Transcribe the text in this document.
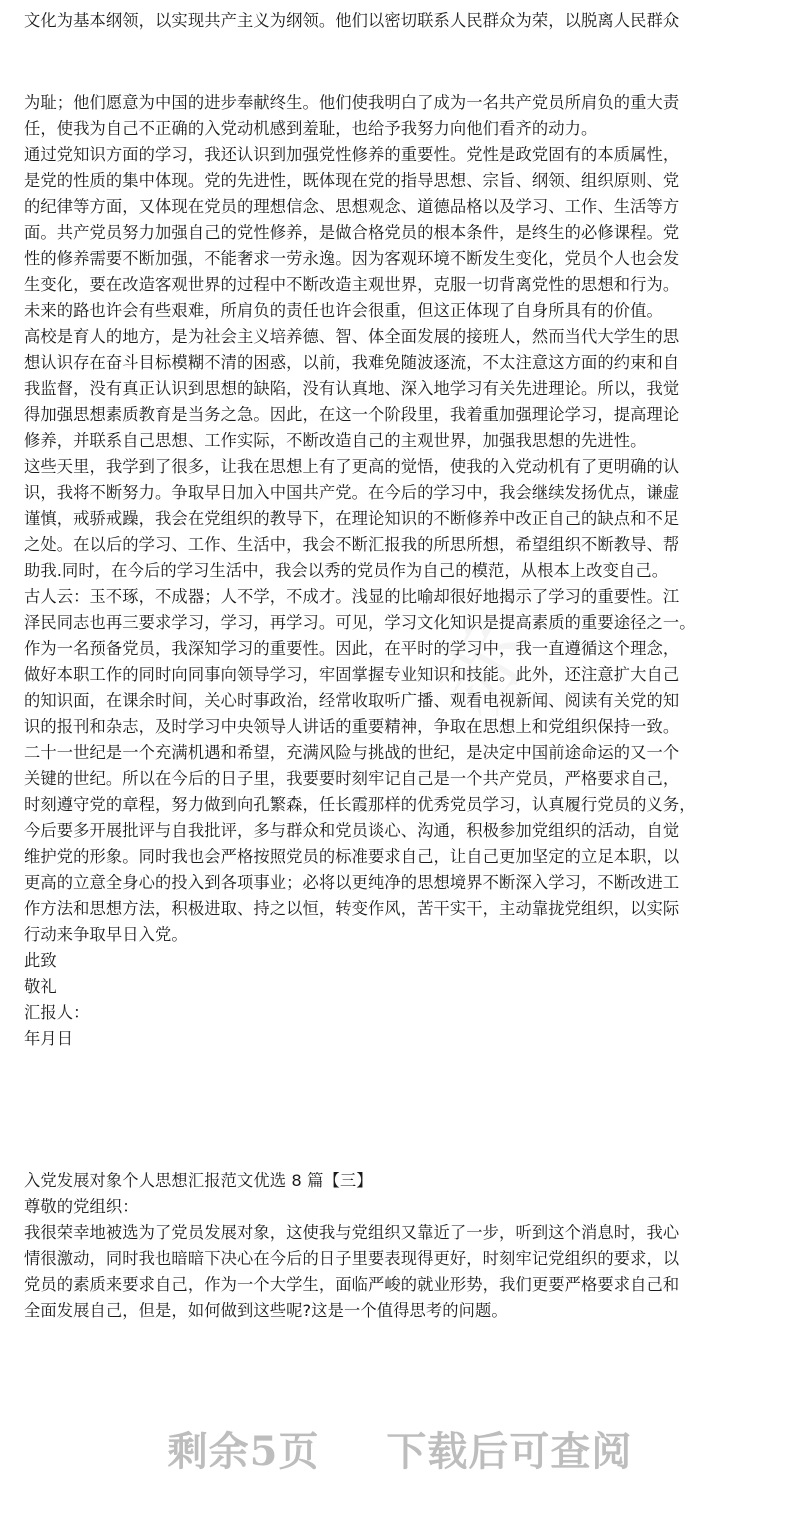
文化为基本纲领，以实现共产主义为纲领。他们以密切联系人民群众为荣，以脱离人民群众
为耻；他们愿意为中国的进步奉献终生。他们使我明白了成为一名共产党员所肩负的重大责
任，使我为自己不正确的入党动机感到羞耻，也给予我努力向他们看齐的动力。
通过党知识方面的学习，我还认识到加强党性修养的重要性。党性是政党固有的本质属性，
是党的性质的集中体现。党的先进性，既体现在党的指导思想、宗旨、纲领、组织原则、党
的纪律等方面，又体现在党员的理想信念、思想观念、道德品格以及学习、工作、生活等方
面。共产党员努力加强自己的党性修养，是做合格党员的根本条件，是终生的必修课程。党
性的修养需要不断加强，不能奢求一劳永逸。因为客观环境不断发生变化，党员个人也会发
生变化，要在改造客观世界的过程中不断改造主观世界，克服一切背离党性的思想和行为。
未来的路也许会有些艰难，所肩负的责任也许会很重，但这正体现了自身所具有的价值。
高校是育人的地方，是为社会主义培养德、智、体全面发展的接班人，然而当代大学生的思
想认识存在奋斗目标模糊不清的困惑，以前，我难免随波逐流，不太注意这方面的约束和自
我监督，没有真正认识到思想的缺陷，没有认真地、深入地学习有关先进理论。所以，我觉
得加强思想素质教育是当务之急。因此，在这一个阶段里，我着重加强理论学习，提高理论
修养，并联系自己思想、工作实际，不断改造自己的主观世界，加强我思想的先进性。
这些天里，我学到了很多，让我在思想上有了更高的觉悟，使我的入党动机有了更明确的认
识，我将不断努力。争取早日加入中国共产党。在今后的学习中，我会继续发扬优点，谦虚
谨慎，戒骄戒躁，我会在党组织的教导下，在理论知识的不断修养中改正自己的缺点和不足
之处。在以后的学习、工作、生活中，我会不断汇报我的所思所想，希望组织不断教导、帮
助我.同时，在今后的学习生活中，我会以秀的党员作为自己的模范，从根本上改变自己。
古人云：玉不琢，不成器；人不学，不成才。浅显的比喻却很好地揭示了学习的重要性。江
泽民同志也再三要求学习，学习，再学习。可见，学习文化知识是提高素质的重要途径之一。
作为一名预备党员，我深知学习的重要性。因此，在平时的学习中，我一直遵循这个理念，
做好本职工作的同时向同事向领导学习，牢固掌握专业知识和技能。此外，还注意扩大自己
的知识面，在课余时间，关心时事政治，经常收取听广播、观看电视新闻、阅读有关党的知
识的报刊和杂志，及时学习中央领导人讲话的重要精神，争取在思想上和党组织保持一致。
二十一世纪是一个充满机遇和希望，充满风险与挑战的世纪，是决定中国前途命运的又一个
关键的世纪。所以在今后的日子里，我要要时刻牢记自己是一个共产党员，严格要求自己，
时刻遵守党的章程，努力做到向孔繁森，任长霞那样的优秀党员学习，认真履行党员的义务，
今后要多开展批评与自我批评，多与群众和党员谈心、沟通，积极参加党组织的活动，自觉
维护党的形象。同时我也会严格按照党员的标准要求自己，让自己更加坚定的立足本职，以
更高的立意全身心的投入到各项事业；必将以更纯净的思想境界不断深入学习，不断改进工
作方法和思想方法，积极进取、持之以恒，转变作风，苦干实干，主动靠拢党组织，以实际
行动来争取早日入党。
此致
敬礼
汇报人：
年月日
入党发展对象个人思想汇报范文优选 8 篇【三】
尊敬的党组织：
我很荣幸地被选为了党员发展对象，这使我与党组织又靠近了一步，听到这个消息时，我心
情很激动，同时我也暗暗下决心在今后的日子里要表现得更好，时刻牢记党组织的要求，以
党员的素质来要求自己，作为一个大学生，面临严峻的就业形势，我们更要严格要求自己和
全面发展自己，但是，如何做到这些呢?这是一个值得思考的问题。
剩余5页 下载后可查阅
